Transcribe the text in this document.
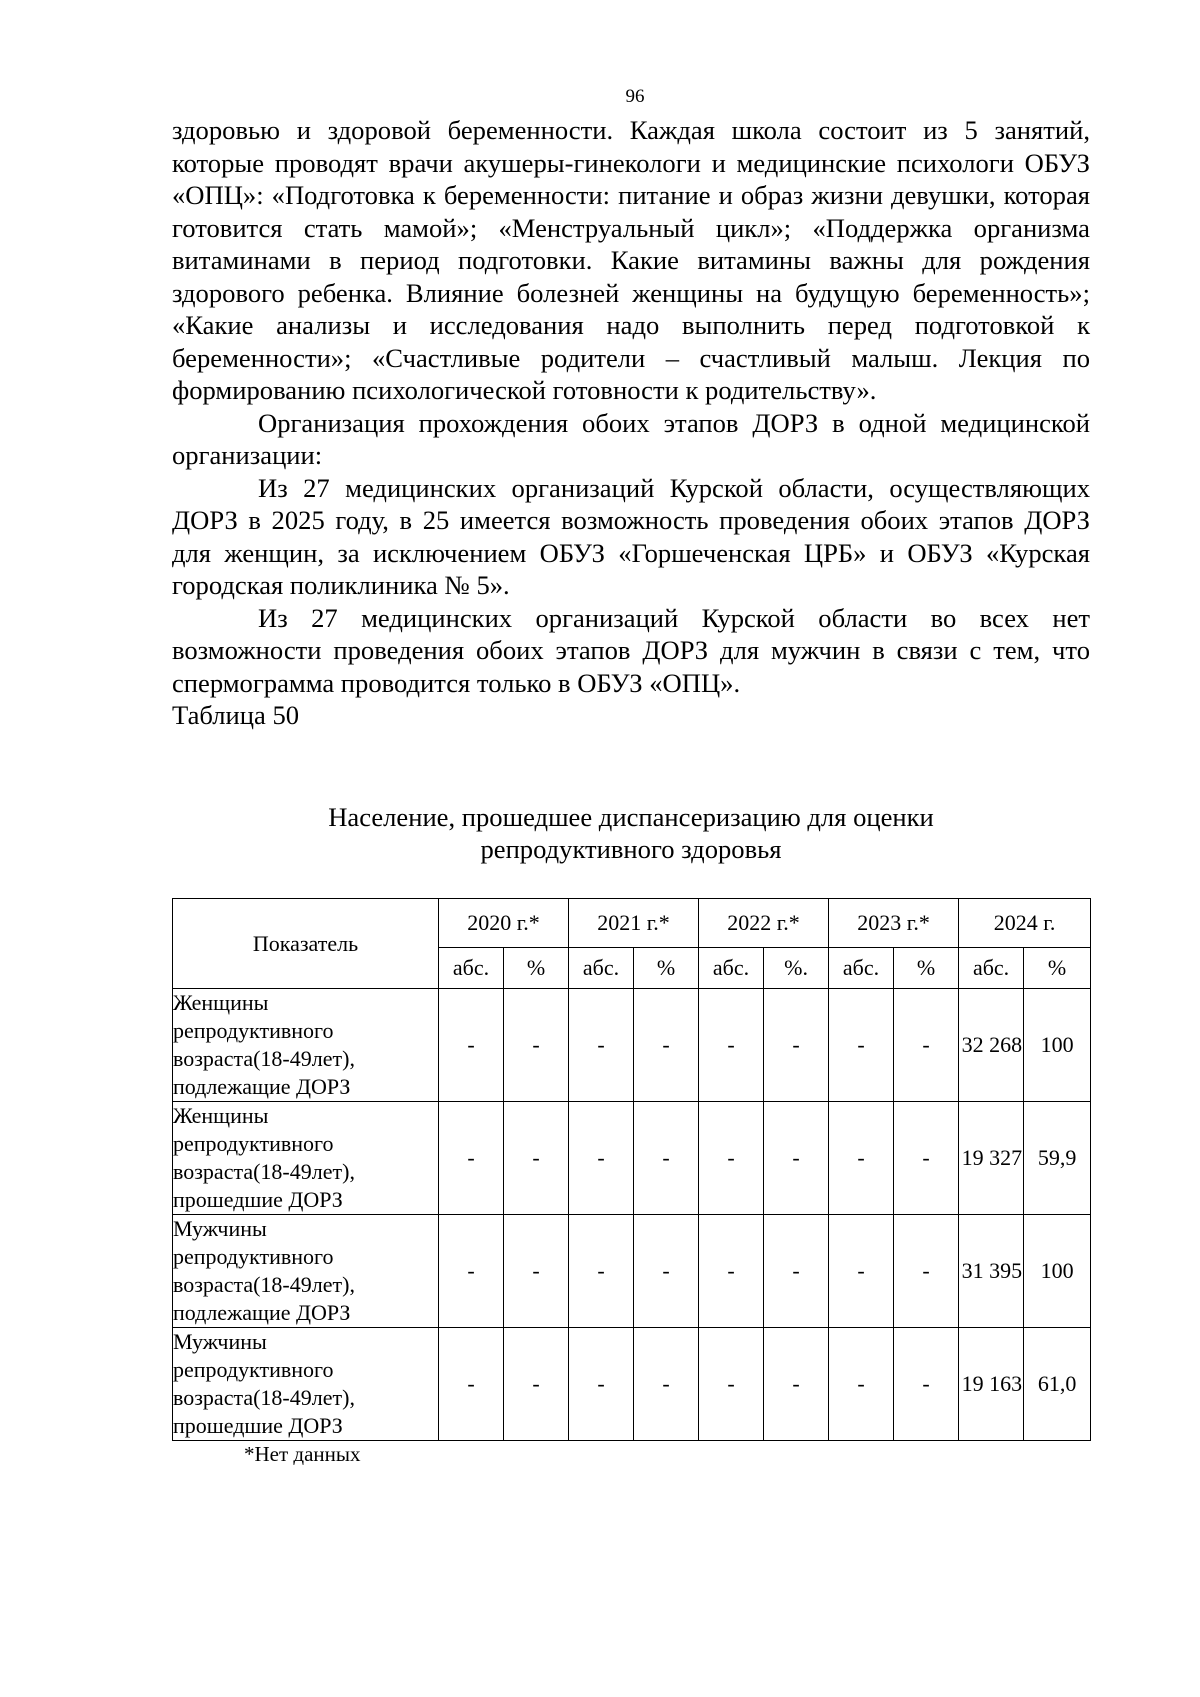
96

здоровью и здоровой беременности. Каждая школа состоит из 5 занятий, которые проводят врачи акушеры-гинекологи и медицинские психологи ОБУЗ «ОПЦ»: «Подготовка к беременности: питание и образ жизни девушки, которая готовится стать мамой»; «Менструальный цикл»; «Поддержка организма витаминами в период подготовки. Какие витамины важны для рождения здорового ребенка. Влияние болезней женщины на будущую беременность»; «Какие анализы и исследования надо выполнить перед подготовкой к беременности»; «Счастливые родители – счастливый малыш. Лекция по формированию психологической готовности к родительству».

Организация прохождения обоих этапов ДОРЗ в одной медицинской организации:

Из 27 медицинских организаций Курской области, осуществляющих ДОРЗ в 2025 году, в 25 имеется возможность проведения обоих этапов ДОРЗ для женщин, за исключением ОБУЗ «Горшеченская ЦРБ» и ОБУЗ «Курская городская поликлиника № 5».

Из 27 медицинских организаций Курской области во всех нет возможности проведения обоих этапов ДОРЗ для мужчин в связи с тем, что спермограмма проводится только в ОБУЗ «ОПЦ».

Таблица 50

Население, прошедшее диспансеризацию для оценки
репродуктивного здоровья
Показатель	2020 г.*		2021 г.*		2022 г.*		2023 г.*		2024 г.	
	абс.	%	абс.	%	абс.	%.	абс.	%	абс.	%
Женщины
репродуктивного
возраста(18-49лет),
подлежащие ДОРЗ	-	-	-	-	-	-	-	-	32 268	100
Женщины
репродуктивного
возраста(18-49лет),
прошедшие ДОРЗ	-	-	-	-	-	-	-	-	19 327	59,9
Мужчины
репродуктивного
возраста(18-49лет),
подлежащие ДОРЗ	-	-	-	-	-	-	-	-	31 395	100
Мужчины
репродуктивного
возраста(18-49лет),
прошедшие ДОРЗ	-	-	-	-	-	-	-	-	19 163	61,0
*Нет данных
